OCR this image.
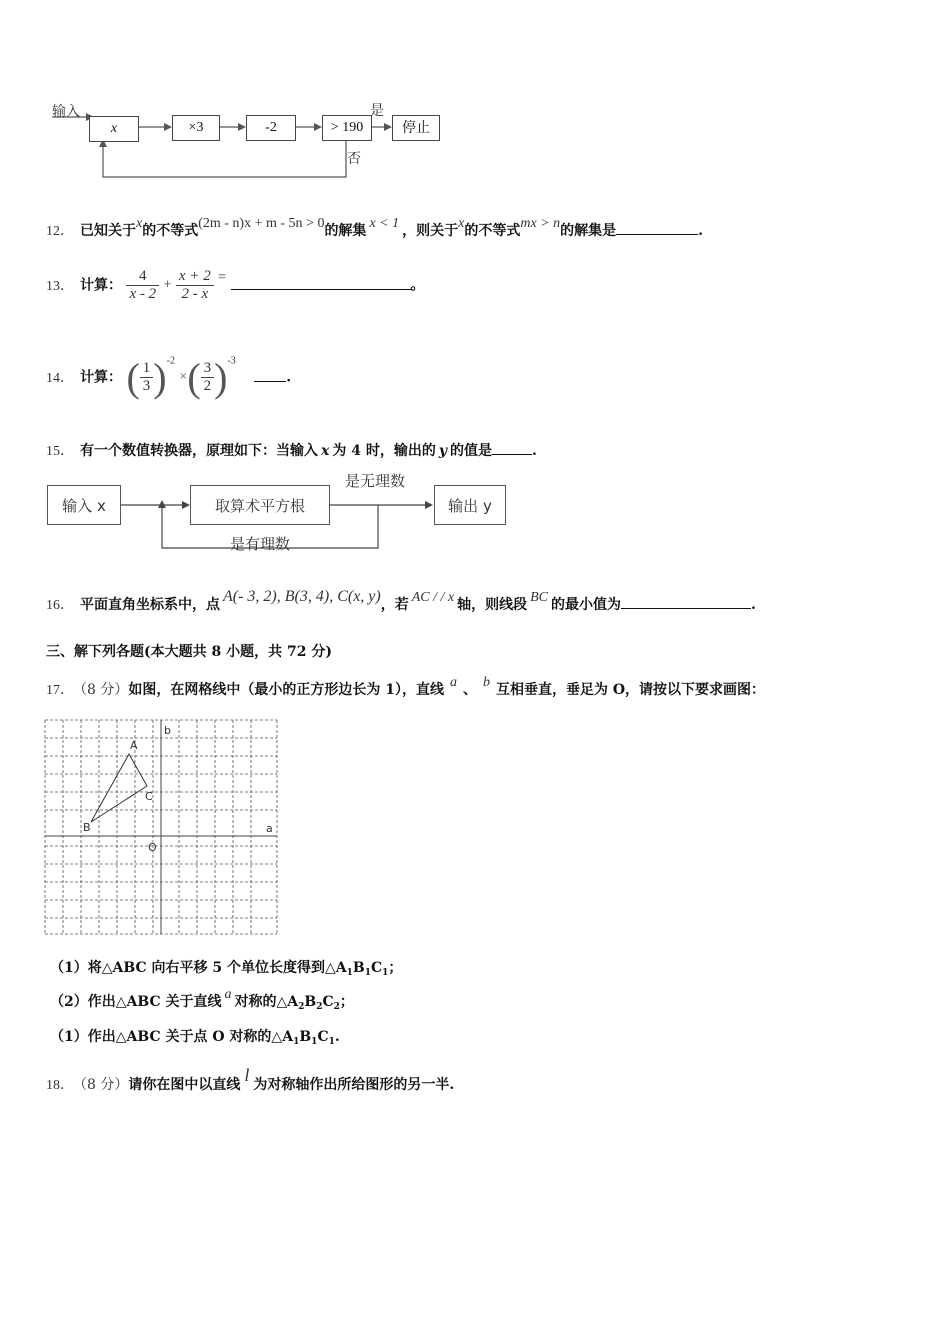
输入
x	×3	-2	> 190	停止
是
否
12． 已知关于x的不等式(2m - n)x + m - 5n > 0的解集 x < 1 ，则关于x的不等式mx > n的解集是	.
13． 计算： $\frac{4}{x - 2} + \frac{x + 2}{2 - x}$ = 。
14． 计算： ( $\frac{1}{3} )^{-2}$ ×( $\frac{3}{2} )^{-3}$ .
15． 有一个数值转换器，原理如下：当输入 x 为 4 时，输出的 y 的值是	.
输入 x	取算术平方根	输出 y
是无理数
是有理数
16． 平面直角坐标系中，点 A(- 3, 2), B(3, 4), C(x, y)，若 AC / / x 轴，则线段 BC 的最小值为	.
三、解下列各题(本大题共 8 小题，共 72 分)
17． （8 分）如图，在网格线中（最小的正方形边长为 1），直线 a 、 b 互相垂直，垂足为 O，请按以下要求画图：
A
B
C
b
a
O
（1）将△ABC 向右平移 5 个单位长度得到$\triangle A_1B_1C_1$；
（2）作出△ABC 关于直线 a 对称的$\triangle A_2B_2C_2$；
（1）作出△ABC 关于点 O 对称的$\triangle A_1B_1C_1$.
18． （8 分）请你在图中以直线 l 为对称轴作出所给图形的另一半.
